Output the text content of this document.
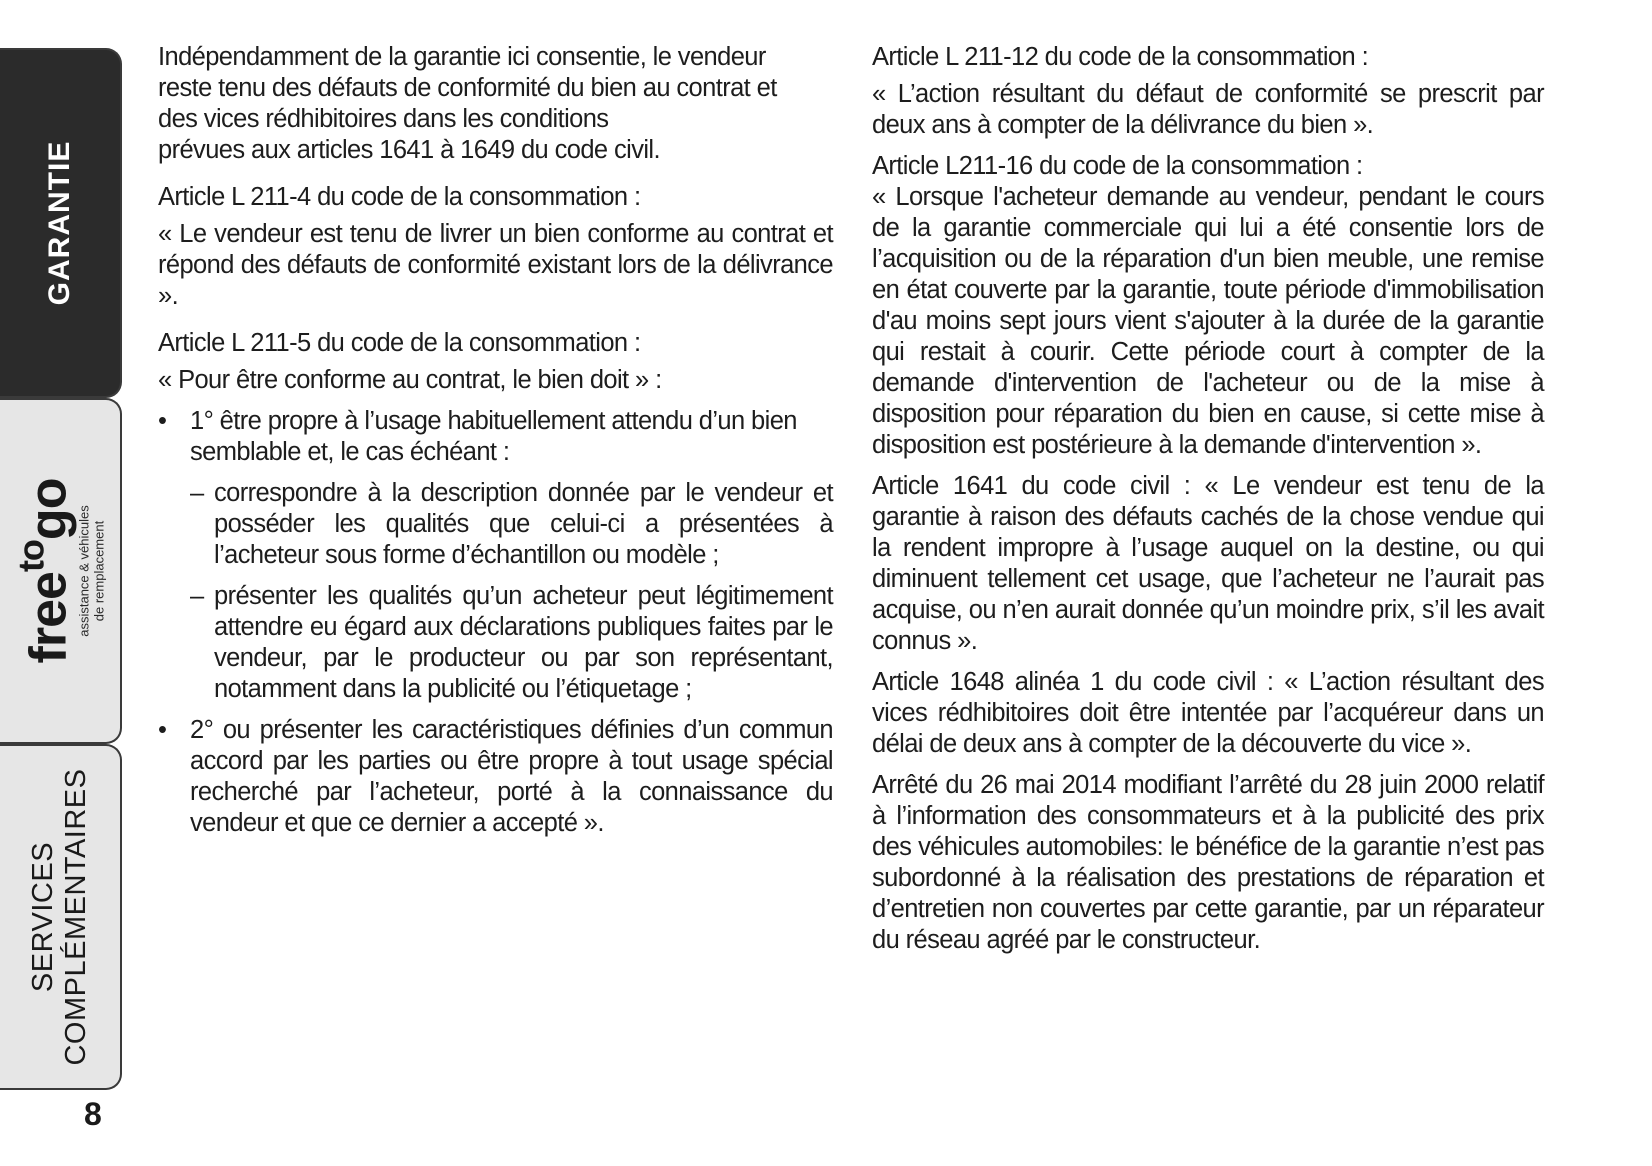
GARANTIE
freetogo assistance & véhicules de remplacement
SERVICES COMPLÉMENTAIRES
8

Indépendamment de la garantie ici consentie, le vendeur
reste tenu des défauts de conformité du bien au contrat et
des vices rédhibitoires dans les conditions
prévues aux articles 1641 à 1649 du code civil.

Article L 211-4 du code de la consommation :

« Le vendeur est tenu de livrer un bien conforme au contrat et répond des défauts de conformité existant lors de la délivrance ».

Article L 211-5 du code de la consommation :

« Pour être conforme au contrat, le bien doit » :

• 1° être propre à l’usage habituellement attendu d’un bien semblable et, le cas échéant :
– correspondre à la description donnée par le vendeur et posséder les qualités que celui-ci a présentées à l’acheteur sous forme d’échantillon ou modèle ;
– présenter les qualités qu’un acheteur peut légitimement attendre eu égard aux déclarations publiques faites par le vendeur, par le producteur ou par son représentant, notamment dans la publicité ou l’étiquetage ;
• 2° ou présenter les caractéristiques définies d’un commun accord par les parties ou être propre à tout usage spécial recherché par l’acheteur, porté à la connaissance du vendeur et que ce dernier a accepté ».

Article L 211-12 du code de la consommation :

« L’action résultant du défaut de conformité se prescrit par deux ans à compter de la délivrance du bien ».

Article L211-16 du code de la consommation :

« Lorsque l'acheteur demande au vendeur, pendant le cours de la garantie commerciale qui lui a été consentie lors de l’acquisition ou de la réparation d'un bien meuble, une remise en état couverte par la garantie, toute période d'immobilisation d'au moins sept jours vient s'ajouter à la durée de la garantie qui restait à courir. Cette période court à compter de la demande d'intervention de l'acheteur ou de la mise à disposition pour réparation du bien en cause, si cette mise à disposition est postérieure à la demande d'intervention ».

Article 1641 du code civil : « Le vendeur est tenu de la garantie à raison des défauts cachés de la chose vendue qui la rendent impropre à l’usage auquel on la destine, ou qui diminuent tellement cet usage, que l’acheteur ne l’aurait pas acquise, ou n’en aurait donnée qu’un moindre prix, s’il les avait connus ».

Article 1648 alinéa 1 du code civil : « L’action résultant des vices rédhibitoires doit être intentée par l’acquéreur dans un délai de deux ans à compter de la découverte du vice ».

Arrêté du 26 mai 2014 modifiant l’arrêté du 28 juin 2000 relatif à l’information des consommateurs et à la publicité des prix des véhicules automobiles: le bénéfice de la garantie n’est pas subordonné à la réalisation des prestations de réparation et d’entretien non couvertes par cette garantie, par un réparateur du réseau agréé par le constructeur.
